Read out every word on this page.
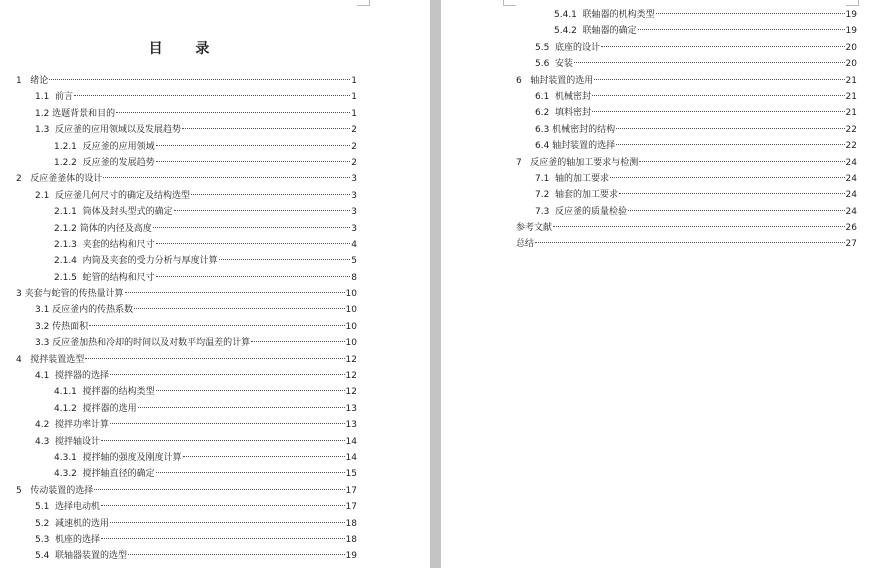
目 录
1   绪论	1
1.1  前言	1
1.2 选题背景和目的	1
1.3  反应釜的应用领域以及发展趋势	2
1.2.1  反应釜的应用领域	2
1.2.2  反应釜的发展趋势	2
2   反应釜釜体的设计	3
2.1  反应釜几何尺寸的确定及结构选型	3
2.1.1  筒体及封头型式的确定	3
2.1.2 筒体的内径及高度	3
2.1.3  夹套的结构和尺寸	4
2.1.4  内筒及夹套的受力分析与厚度计算	5
2.1.5  蛇管的结构和尺寸	8
3 夹套与蛇管的传热量计算	10
3.1 反应釜内的传热系数	10
3.2 传热面积	10
3.3 反应釜加热和冷却的时间以及对数平均温差的计算	10
4   搅拌装置选型	12
4.1  搅拌器的选择	12
4.1.1  搅拌器的结构类型	12
4.1.2  搅拌器的选用	13
4.2  搅拌功率计算	13
4.3  搅拌轴设计	14
4.3.1  搅拌轴的强度及刚度计算	14
4.3.2  搅拌轴直径的确定	15
5   传动装置的选择	17
5.1  选择电动机	17
5.2  减速机的选用	18
5.3  机座的选择	18
5.4  联轴器装置的选型	19
5.4.1  联轴器的机构类型	19
5.4.2  联轴器的确定	19
5.5  底座的设计	20
5.6  安装	20
6   轴封装置的选用	21
6.1  机械密封	21
6.2  填料密封	21
6.3 机械密封的结构	22
6.4 轴封装置的选择	22
7   反应釜的轴加工要求与检测	24
7.1  轴的加工要求	24
7.2  轴套的加工要求	24
7.3  反应釜的质量检验	24
参考文献	26
总结	27
